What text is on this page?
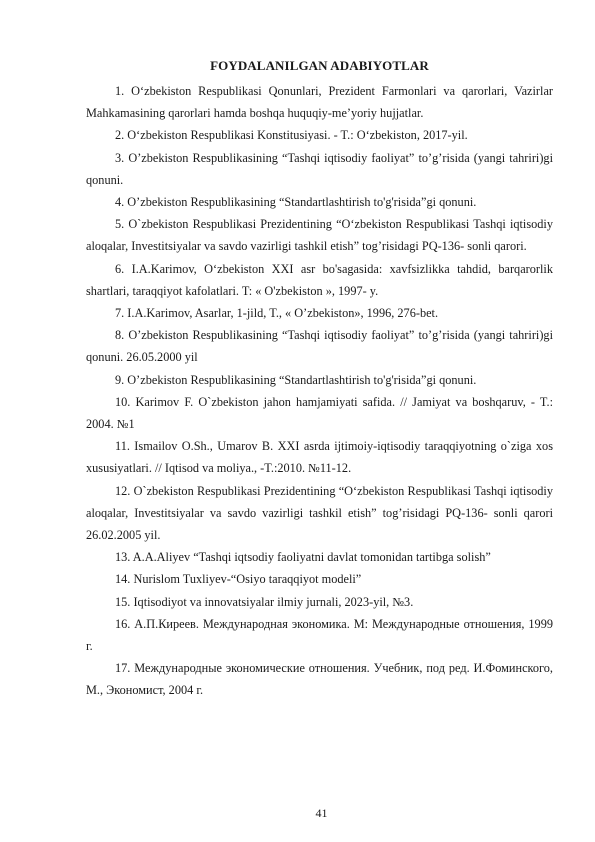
FOYDALANILGAN ADABIYOTLAR
1. O‘zbekiston Respublikasi Qonunlari, Prezident Farmonlari va qarorlari, Vazirlar Mahkamasining qarorlari hamda boshqa huquqiy-me’yoriy hujjatlar.
2. O‘zbekiston Respublikasi Konstitusiyasi. - T.: O‘zbekiston, 2017-yil.
3. O’zbekiston Respublikasining “Tashqi iqtisodiy faoliyat” to’g’risida (yangi tahriri)gi qonuni.
4. O’zbekiston Respublikasining “Standartlashtirish to'g'risida”gi qonuni.
5. O`zbekiston Respublikasi Prezidentining “O‘zbekiston Respublikasi Tashqi iqtisodiy aloqalar, Investitsiyalar va savdo vazirligi tashkil etish” tog’risidagi PQ-136- sonli qarori.
6. I.A.Karimov, O‘zbekiston XXI asr bo'sagasida: xavfsizlikka tahdid, barqarorlik shartlari, taraqqiyot kafolatlari. T: « O'zbekiston », 1997- y.
7. I.A.Karimov, Asarlar, 1-jild, T., « O’zbekiston», 1996, 276-bet.
8. O’zbekiston Respublikasining “Tashqi iqtisodiy faoliyat” to’g’risida (yangi tahriri)gi qonuni. 26.05.2000 yil
9. O’zbekiston Respublikasining “Standartlashtirish to'g'risida”gi qonuni.
10. Karimov F. O`zbekiston jahon hamjamiyati safida. // Jamiyat va boshqaruv, - T.: 2004. №1
11. Ismailov O.Sh., Umarov B. XXI asrda ijtimoiy-iqtisodiy taraqqiyotning o`ziga xos xususiyatlari. // Iqtisod va moliya., -T.:2010. №11-12.
12. O`zbekiston Respublikasi Prezidentining “O‘zbekiston Respublikasi Tashqi iqtisodiy aloqalar, Investitsiyalar va savdo vazirligi tashkil etish” tog’risidagi PQ-136- sonli qarori 26.02.2005 yil.
13. A.A.Aliyev “Tashqi iqtsodiy faoliyatni davlat tomonidan tartibga solish”
14. Nurislom Tuxliyev-“Osiyo taraqqiyot modeli”
15. Iqtisodiyot va innovatsiyalar ilmiy jurnali, 2023-yil, №3.
16. А.П.Киреев. Международная экономика. М: Международные отношения, 1999 г.
17. Международные экономические отношения. Учебник, под ред. И.Фоминского, М., Экономист, 2004 г.
41
